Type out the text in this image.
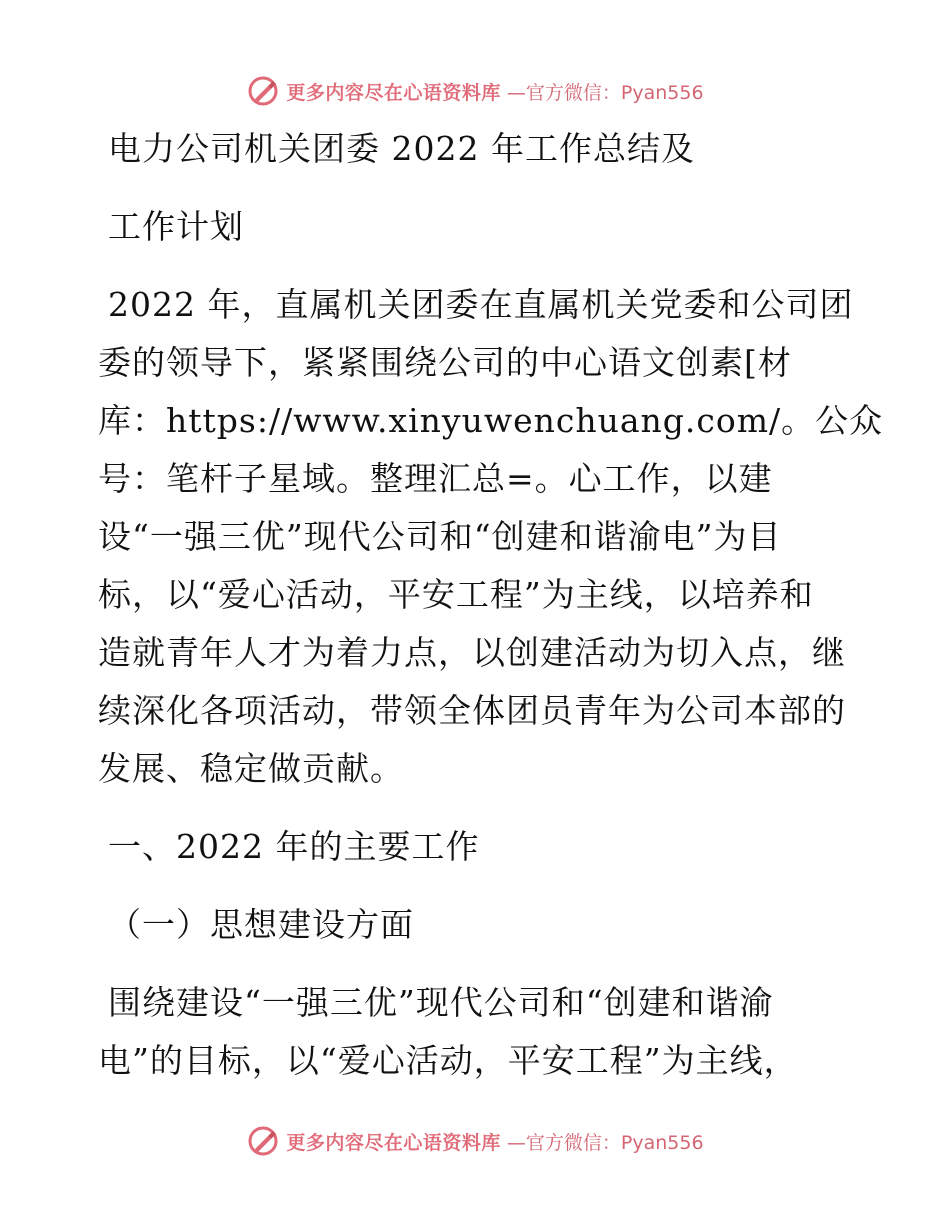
更多内容尽在心语资料库 —官方微信：Pyan556
电力公司机关团委 2022 年工作总结及
工作计划
2022 年，直属机关团委在直属机关党委和公司团
委的领导下，紧紧围绕公司的中心语文创素[材
库：https://www.xinyuwenchuang.com/。公众
号：笔杆子星域。整理汇总=。心工作，以建
设“一强三优”现代公司和“创建和谐渝电”为目
标，以“爱心活动，平安工程”为主线，以培养和
造就青年人才为着力点，以创建活动为切入点，继
续深化各项活动，带领全体团员青年为公司本部的
发展、稳定做贡献。
一、2022 年的主要工作
（一）思想建设方面
围绕建设“一强三优”现代公司和“创建和谐渝
电”的目标，以“爱心活动，平安工程”为主线，
更多内容尽在心语资料库 —官方微信：Pyan556
